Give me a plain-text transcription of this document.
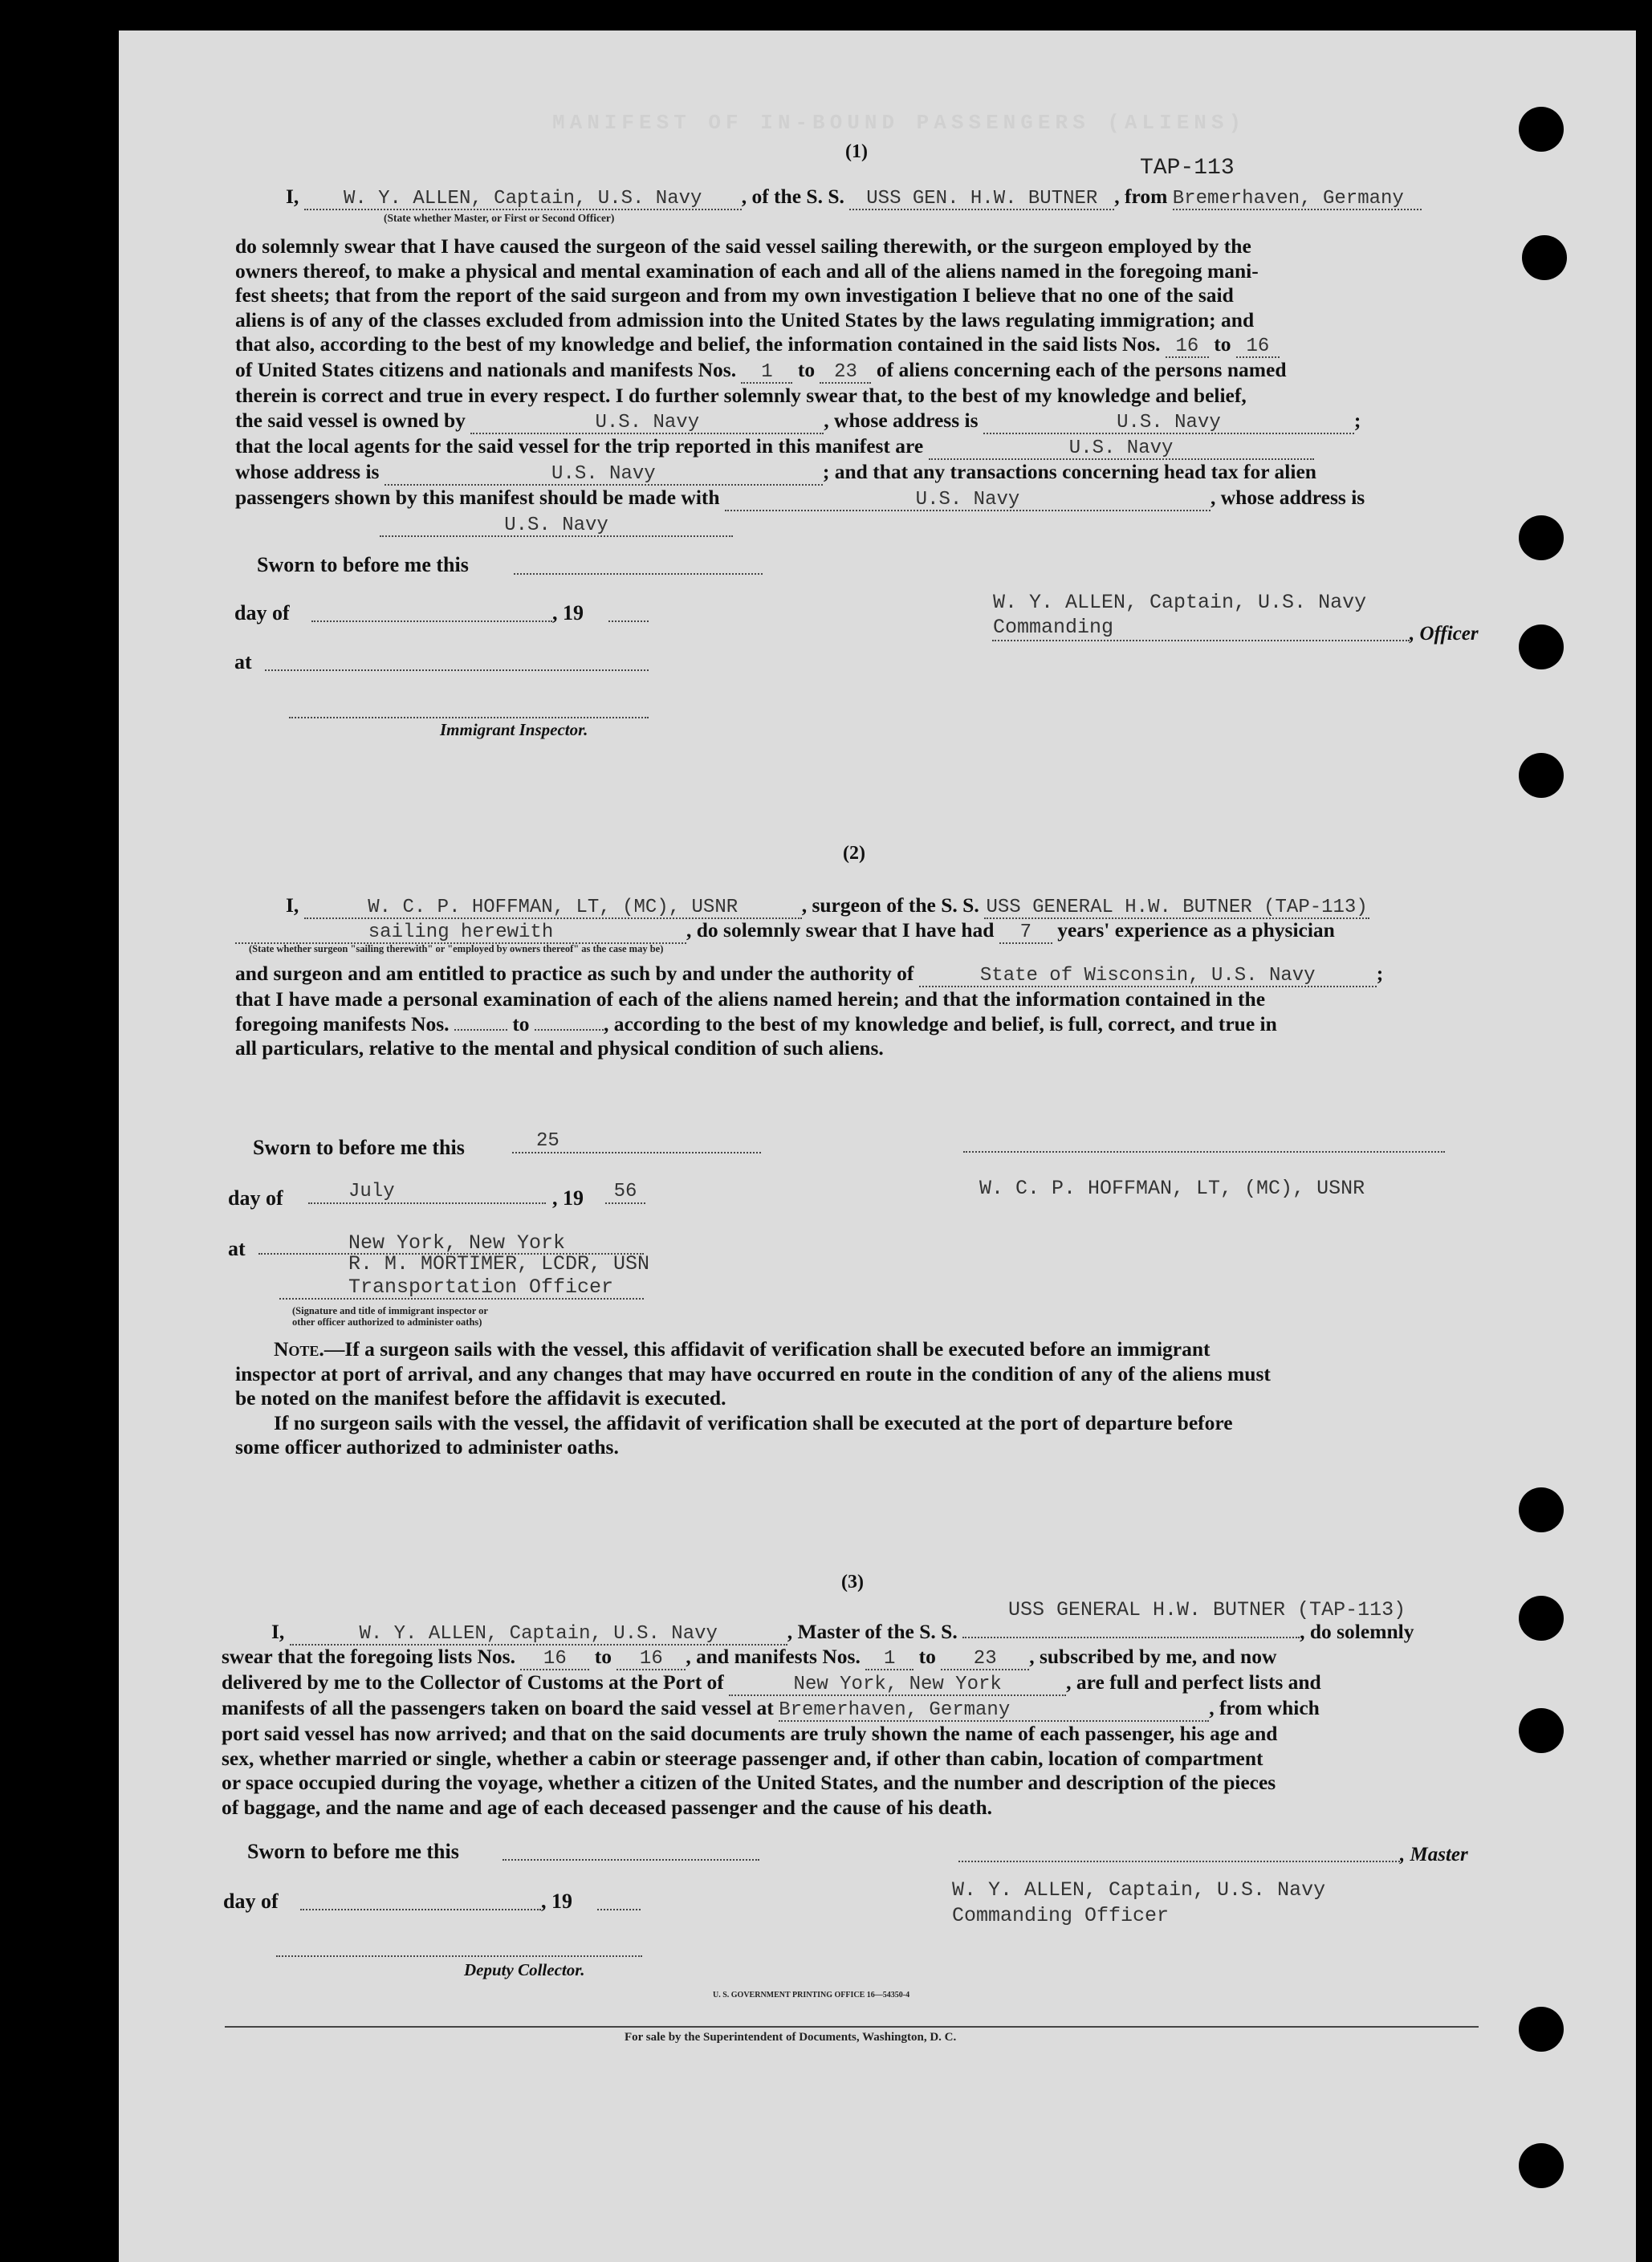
MANIFEST OF IN-BOUND PASSENGERS (ALIENS)
(1)
TAP-113
I, W. Y. ALLEN, Captain, U.S. Navy , of the S. S. USS GEN. H.W. BUTNER , from Bremerhaven, Germany
(State whether Master, or First or Second Officer)
do solemnly swear that I have caused the surgeon of the said vessel sailing therewith, or the surgeon employed by the
owners thereof, to make a physical and mental examination of each and all of the aliens named in the foregoing mani-
fest sheets; that from the report of the said surgeon and from my own investigation I believe that no one of the said
aliens is of any of the classes excluded from admission into the United States by the laws regulating immigration; and
that also, according to the best of my knowledge and belief, the information contained in the said lists Nos. 16 to 16
of United States citizens and nationals and manifests Nos. 1 to 23 of aliens concerning each of the persons named
therein is correct and true in every respect. I do further solemnly swear that, to the best of my knowledge and belief,
the said vessel is owned by	U.S. Navy	, whose address is	U.S. Navy	;
that the local agents for the said vessel for the trip reported in this manifest are	U.S. Navy
whose address is	U.S. Navy	; and that any transactions concerning head tax for alien
passengers shown by this manifest should be made with	U.S. Navy	, whose address is
U.S. Navy
Sworn to before me this
day of	, 19
at
Immigrant Inspector.
W. Y. ALLEN, Captain, U.S. Navy
Commanding	, Officer
(2)
I,	W. C. P. HOFFMAN, LT, (MC), USNR	, surgeon of the S. S. USS GENERAL H.W. BUTNER (TAP-113)
sailing herewith	, do solemnly swear that I have had 7 years' experience as a physician
(State whether surgeon "sailing therewith" or "employed by owners thereof" as the case may be)
and surgeon and am entitled to practice as such by and under the authority of	State of Wisconsin, U.S. Navy	;
that I have made a personal examination of each of the aliens named herein; and that the information contained in the
foregoing manifests Nos.	to	, according to the best of my knowledge and belief, is full, correct, and true in
all particulars, relative to the mental and physical condition of such aliens.
Sworn to before me this	25
day of	July	, 19	56
at	New York, New York
R. M. MORTIMER, LCDR, USN
Transportation Officer
(Signature and title of immigrant inspector or
other officer authorized to administer oaths)
W. C. P. HOFFMAN, LT, (MC), USNR
Note.—If a surgeon sails with the vessel, this affidavit of verification shall be executed before an immigrant
inspector at port of arrival, and any changes that may have occurred en route in the condition of any of the aliens must
be noted on the manifest before the affidavit is executed.
If no surgeon sails with the vessel, the affidavit of verification shall be executed at the port of departure before
some officer authorized to administer oaths.
(3)
USS GENERAL H.W. BUTNER (TAP-113)
I,	W. Y. ALLEN, Captain, U.S. Navy	, Master of the S. S.	, do solemnly
swear that the foregoing lists Nos. 16 to 16 , and manifests Nos. 1 to 23 , subscribed by me, and now
delivered by me to the Collector of Customs at the Port of	New York, New York	, are full and perfect lists and
manifests of all the passengers taken on board the said vessel at Bremerhaven, Germany	, from which
port said vessel has now arrived; and that on the said documents are truly shown the name of each passenger, his age and
sex, whether married or single, whether a cabin or steerage passenger and, if other than cabin, location of compartment
or space occupied during the voyage, whether a citizen of the United States, and the number and description of the pieces
of baggage, and the name and age of each deceased passenger and the cause of his death.
Sworn to before me this
day of	, 19
Deputy Collector.
, Master
W. Y. ALLEN, Captain, U.S. Navy
Commanding Officer
U. S. GOVERNMENT PRINTING OFFICE 16—54350-4
For sale by the Superintendent of Documents, Washington, D. C.
